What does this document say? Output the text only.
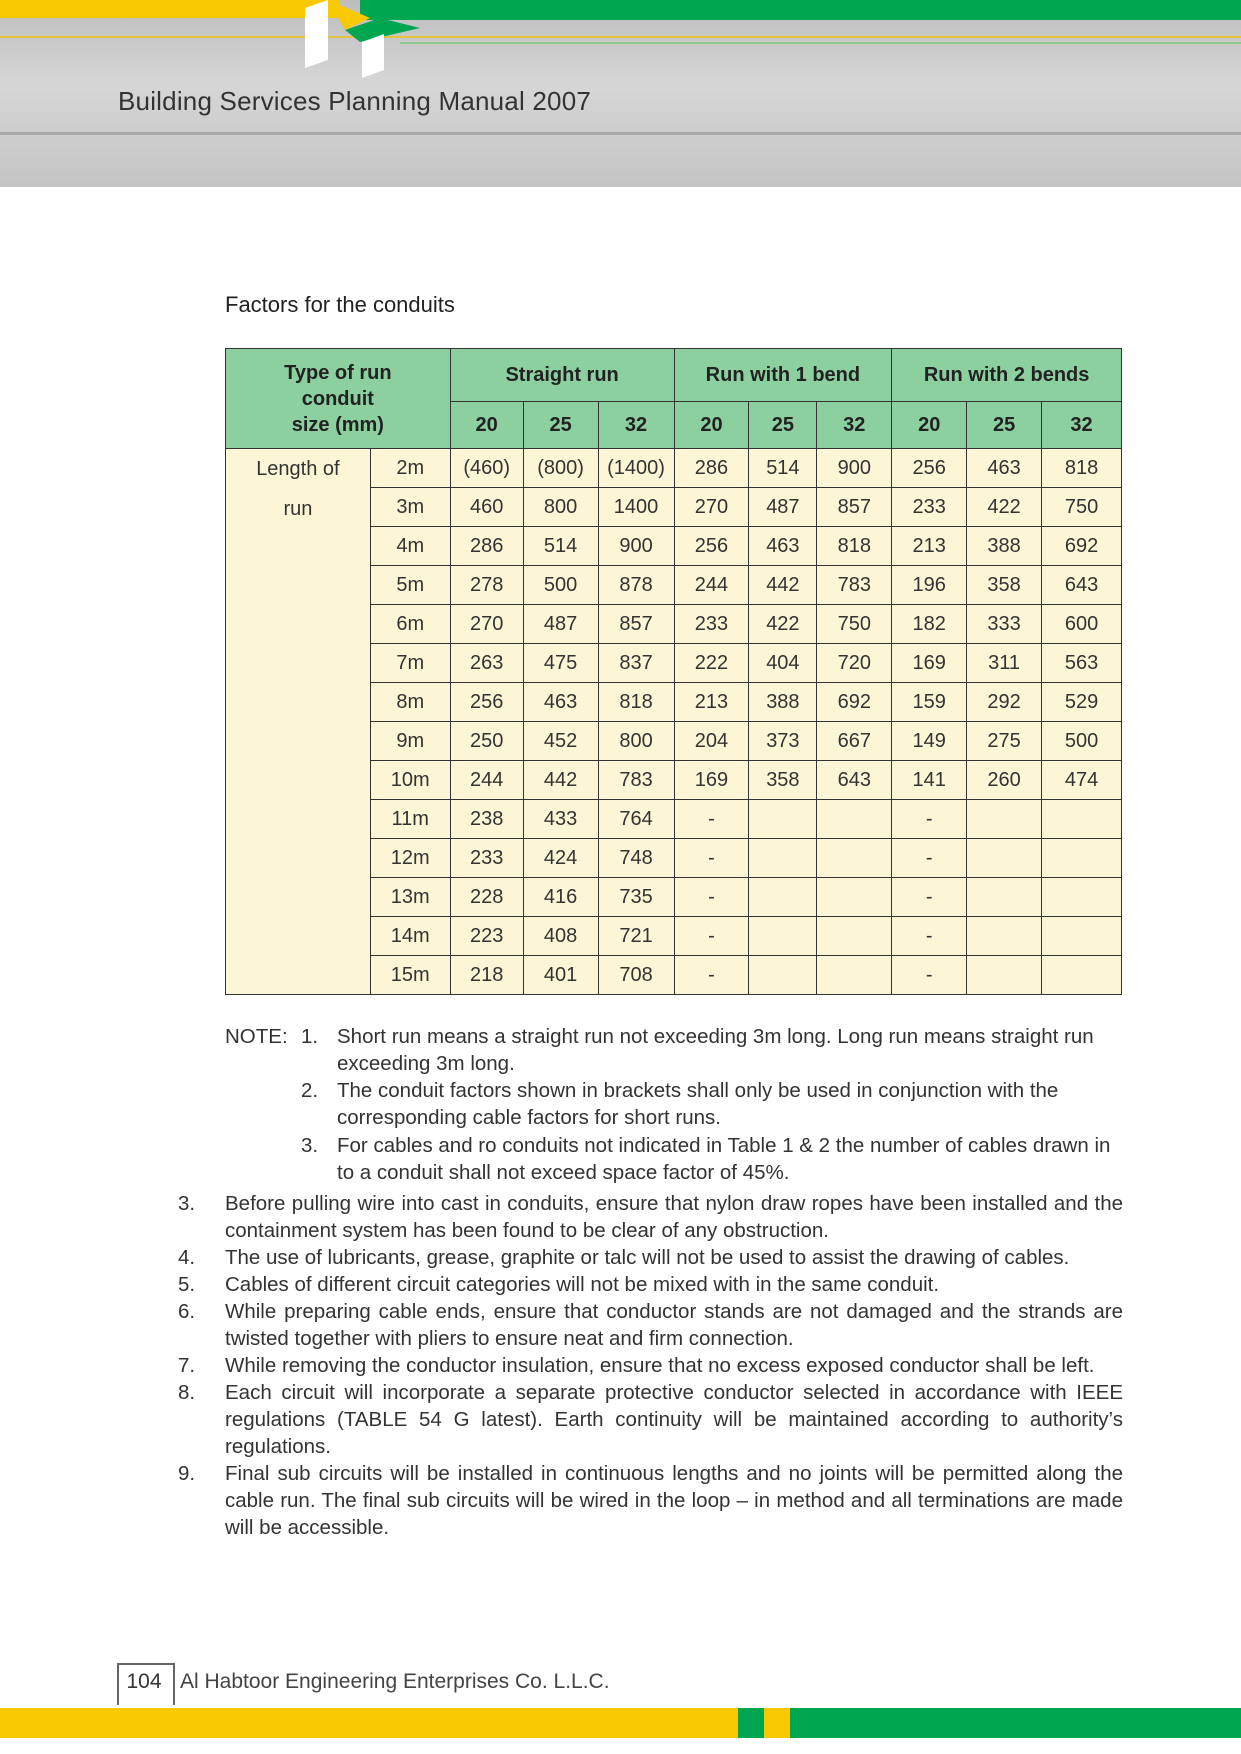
Building Services Planning Manual 2007
Factors for the conduits
Type of run
conduit
size (mm)		Straight run			Run with 1 bend			Run with 2 bends		
		20	25	32	20	25	32	20	25	32

Length of
run	2m	(460)	(800)	(1400)	286	514	900	256	463	818
	3m	460	800	1400	270	487	857	233	422	750
	4m	286	514	900	256	463	818	213	388	692
	5m	278	500	878	244	442	783	196	358	643
	6m	270	487	857	233	422	750	182	333	600
	7m	263	475	837	222	404	720	169	311	563
	8m	256	463	818	213	388	692	159	292	529
	9m	250	452	800	204	373	667	149	275	500
	10m	244	442	783	169	358	643	141	260	474
	11m	238	433	764	-			-		
	12m	233	424	748	-			-		
	13m	228	416	735	-			-		
	14m	223	408	721	-			-		
	15m	218	401	708	-			-		
NOTE: 1. Short run means a straight run not exceeding 3m long. Long run means straight run exceeding 3m long.
2. The conduit factors shown in brackets shall only be used in conjunction with the corresponding cable factors for short runs.
3. For cables and ro conduits not indicated in Table 1 & 2 the number of cables drawn in to a conduit shall not exceed space factor of 45%.
3. Before pulling wire into cast in conduits, ensure that nylon draw ropes have been installed and the containment system has been found to be clear of any obstruction.
4. The use of lubricants, grease, graphite or talc will not be used to assist the drawing of cables.
5. Cables of different circuit categories will not be mixed with in the same conduit.
6. While preparing cable ends, ensure that conductor stands are not damaged and the strands are twisted together with pliers to ensure neat and firm connection.
7. While removing the conductor insulation, ensure that no excess exposed conductor shall be left.
8. Each circuit will incorporate a separate protective conductor selected in accordance with IEEE regulations (TABLE 54 G latest). Earth continuity will be maintained according to authority’s regulations.
9. Final sub circuits will be installed in continuous lengths and no joints will be permitted along the cable run. The final sub circuits will be wired in the loop – in method and all terminations are made will be accessible.
104 Al Habtoor Engineering Enterprises Co. L.L.C.
